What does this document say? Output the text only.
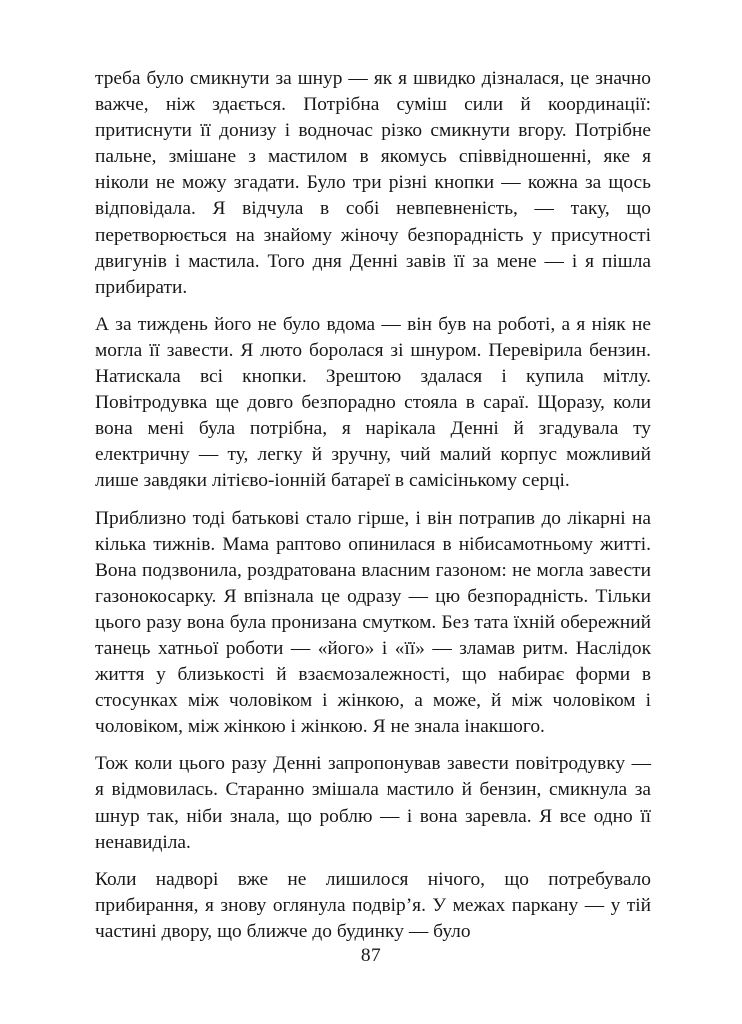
треба було смикнути за шнур — як я швидко дізналася, це значно важче, ніж здається. Потрібна суміш сили й координації: притиснути її донизу і водночас різко смикнути вгору. Потрібне пальне, змішане з мастилом в якомусь співвідношенні, яке я ніколи не можу згадати. Було три різні кнопки — кожна за щось відповідала. Я відчула в собі невпевненість, — таку, що перетворюється на знайому жіночу безпорадність у присутності двигунів і мастила. Того дня Денні завів її за мене — і я пішла прибирати.

А за тиждень його не було вдома — він був на роботі, а я ніяк не могла її завести. Я люто боролася зі шнуром. Перевірила бензин. Натискала всі кнопки. Зрештою здалася і купила мітлу. Повітродувка ще довго безпорадно стояла в сараї. Щоразу, коли вона мені була потрібна, я нарікала Денні й згадувала ту електричну — ту, легку й зручну, чий малий корпус можливий лише завдяки літієво-іонній батареї в самісінькому серці.

Приблизно тоді батькові стало гірше, і він потрапив до лікарні на кілька тижнів. Мама раптово опинилася в нібисамотньому житті. Вона подзвонила, роздратована власним газоном: не могла завести газонокосарку. Я впізнала це одразу — цю безпорадність. Тільки цього разу вона була пронизана смутком. Без тата їхній обережний танець хатньої роботи — «його» і «її» — зламав ритм. Наслідок життя у близькості й взаємозалежності, що набирає форми в стосунках між чоловіком і жінкою, а може, й між чоловіком і чоловіком, між жінкою і жінкою. Я не знала інакшого.

Тож коли цього разу Денні запропонував завести повітродувку — я відмовилась. Старанно змішала мастило й бензин, смикнула за шнур так, ніби знала, що роблю — і вона заревла. Я все одно її ненавиділа.

Коли надворі вже не лишилося нічого, що потребувало прибирання, я знову оглянула подвір’я. У межах паркану — у тій частині двору, що ближче до будинку — було

87
